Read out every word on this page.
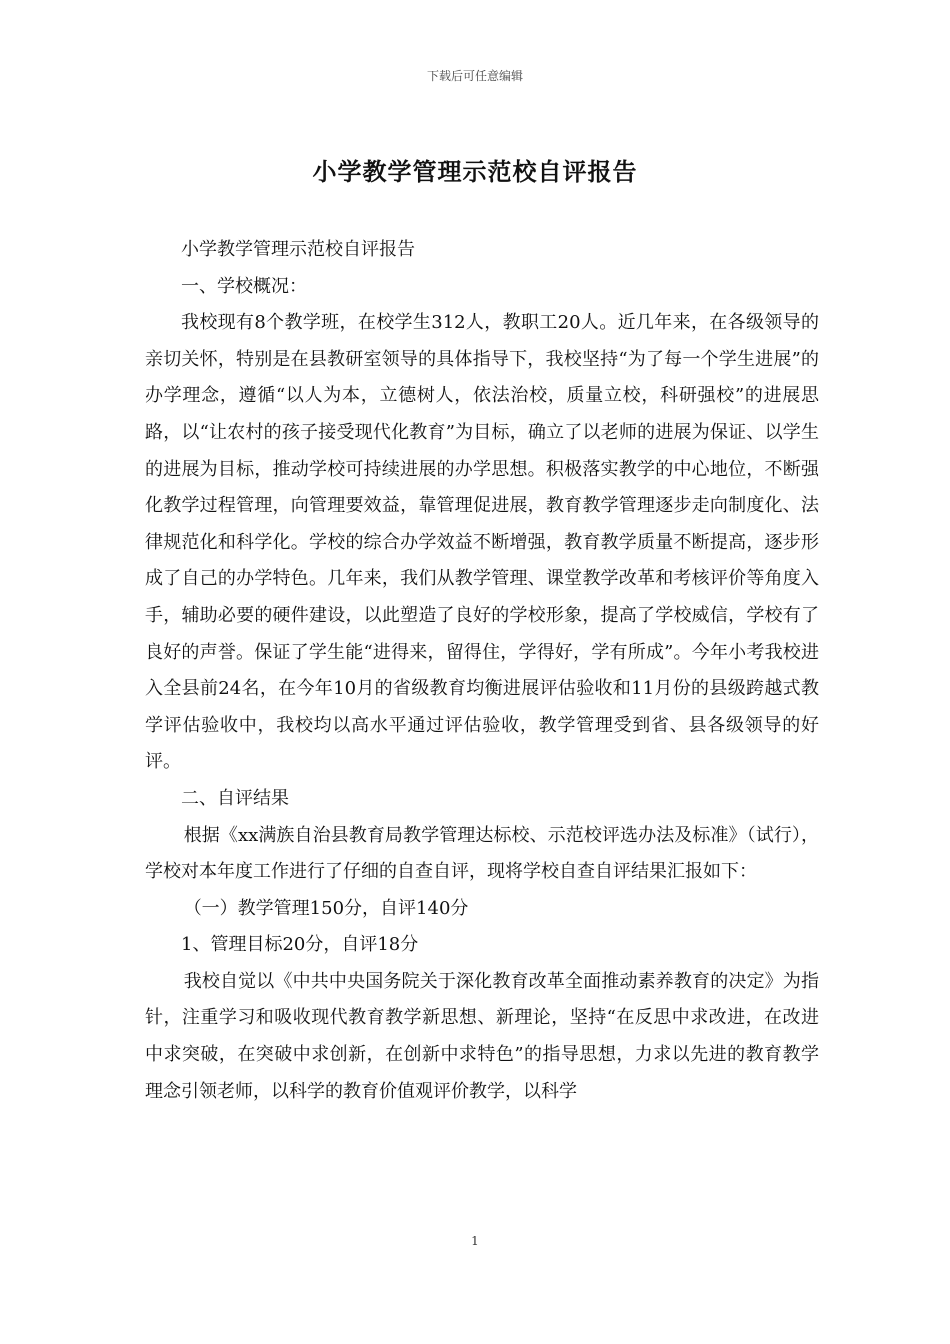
下载后可任意编辑
小学教学管理示范校自评报告

小学教学管理示范校自评报告

一、学校概况：

我校现有8个教学班，在校学生312人，教职工20人。近几年来，在各级领导的亲切关怀，特别是在县教研室领导的具体指导下，我校坚持“为了每一个学生进展”的办学理念，遵循“以人为本，立德树人，依法治校，质量立校，科研强校”的进展思路，以“让农村的孩子接受现代化教育”为目标，确立了以老师的进展为保证、以学生的进展为目标，推动学校可持续进展的办学思想。积极落实教学的中心地位，不断强化教学过程管理，向管理要效益，靠管理促进展，教育教学管理逐步走向制度化、法律规范化和科学化。学校的综合办学效益不断增强，教育教学质量不断提高，逐步形成了自己的办学特色。几年来，我们从教学管理、课堂教学改革和考核评价等角度入手，辅助必要的硬件建设，以此塑造了良好的学校形象，提高了学校威信，学校有了良好的声誉。保证了学生能“进得来，留得住，学得好，学有所成”。今年小考我校进入全县前24名，在今年10月的省级教育均衡进展评估验收和11月份的县级跨越式教学评估验收中，我校均以高水平通过评估验收，教学管理受到省、县各级领导的好评。

二、自评结果

根据《xx满族自治县教育局教学管理达标校、示范校评选办法及标准》（试行），学校对本年度工作进行了仔细的自查自评，现将学校自查自评结果汇报如下：

（一）教学管理150分，自评140分

1、管理目标20分，自评18分

我校自觉以《中共中央国务院关于深化教育改革全面推动素养教育的决定》为指针，注重学习和吸收现代教育教学新思想、新理论，坚持“在反思中求改进，在改进中求突破，在突破中求创新，在创新中求特色”的指导思想，力求以先进的教育教学理念引领老师，以科学的教育价值观评价教学，以科学

1
